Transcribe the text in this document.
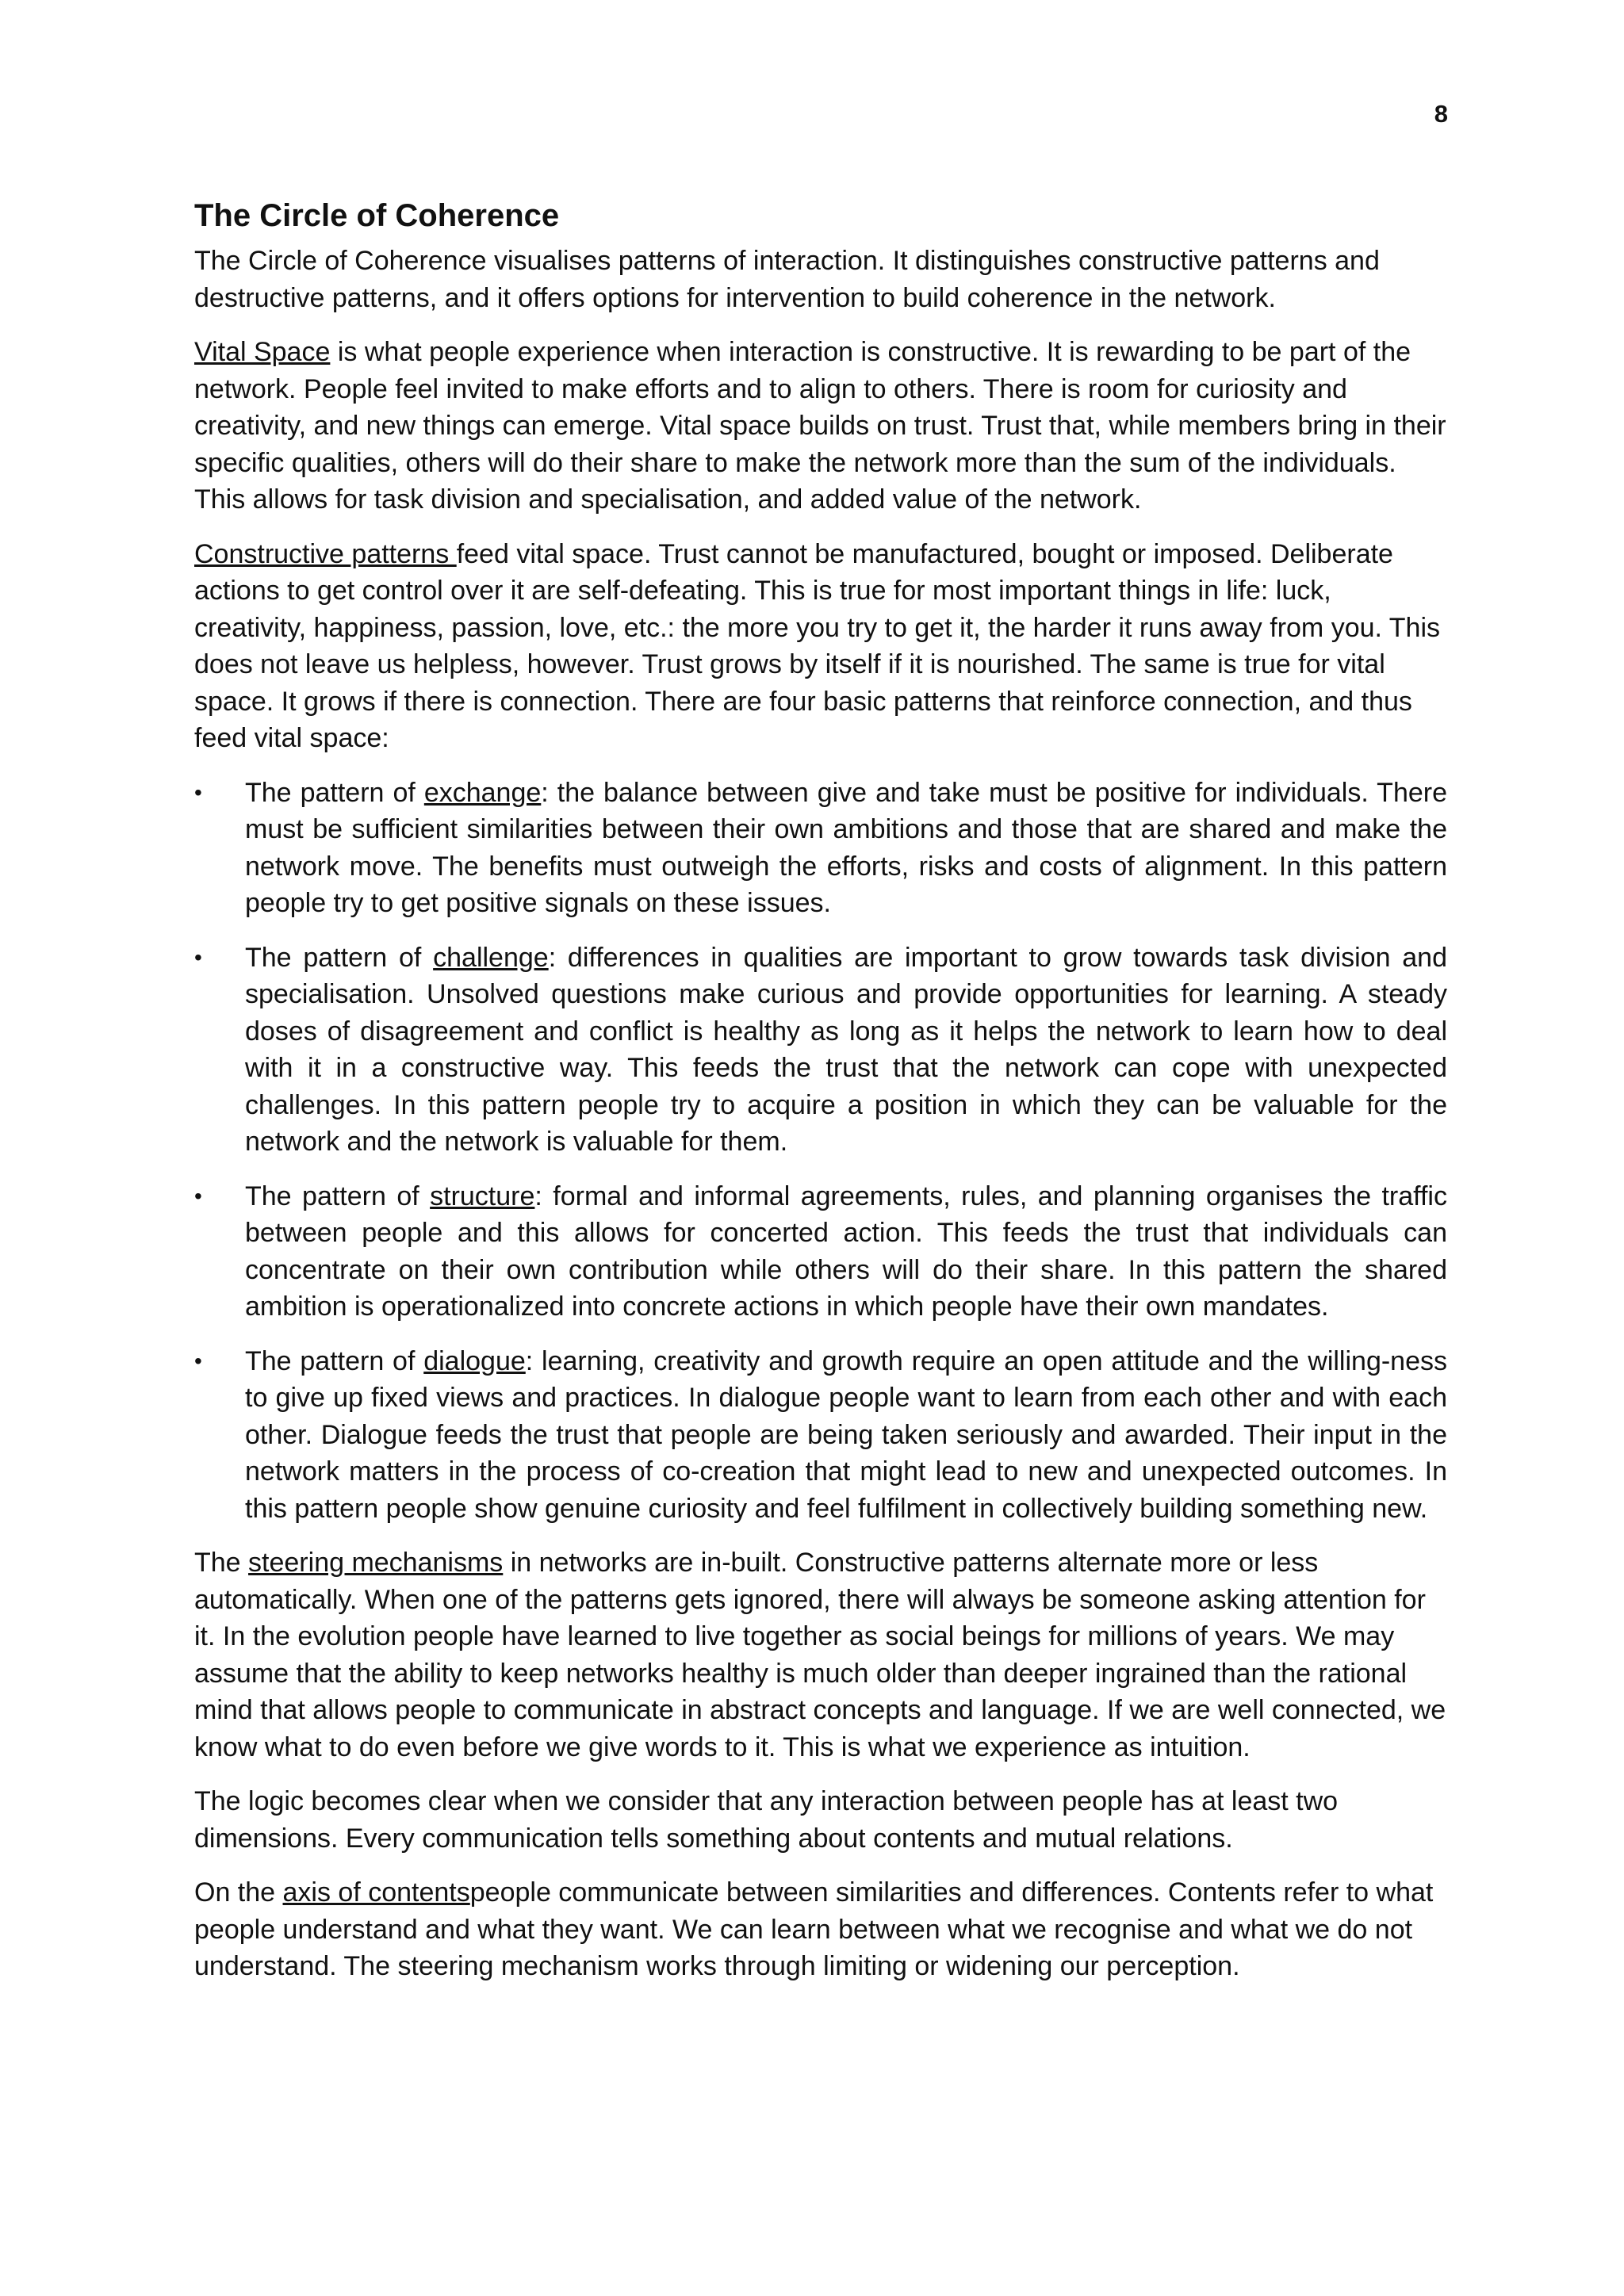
8
The Circle of Coherence

The Circle of Coherence visualises patterns of interaction. It distinguishes constructive patterns and destructive patterns, and it offers options for intervention to build coherence in the network.

Vital Space is what people experience when interaction is constructive. It is rewarding to be part of the network. People feel invited to make efforts and to align to others. There is room for curiosity and creativity, and new things can emerge. Vital space builds on trust. Trust that, while members bring in their specific qualities, others will do their share to make the network more than the sum of the individuals. This allows for task division and specialisation, and added value of the network.

Constructive patterns feed vital space. Trust cannot be manufactured, bought or imposed. Deliberate actions to get control over it are self-defeating. This is true for most important things in life: luck, creativity, happiness, passion, love, etc.: the more you try to get it, the harder it runs away from you. This does not leave us helpless, however. Trust grows by itself if it is nourished. The same is true for vital space. It grows if there is connection. There are four basic patterns that reinforce connection, and thus feed vital space:

• The pattern of exchange: the balance between give and take must be positive for individuals. There must be sufficient similarities between their own ambitions and those that are shared and make the network move. The benefits must outweigh the efforts, risks and costs of alignment. In this pattern people try to get positive signals on these issues.
• The pattern of challenge: differences in qualities are important to grow towards task division and specialisation. Unsolved questions make curious and provide opportunities for learning. A steady doses of disagreement and conflict is healthy as long as it helps the network to learn how to deal with it in a constructive way. This feeds the trust that the network can cope with unexpected challenges. In this pattern people try to acquire a position in which they can be valuable for the network and the network is valuable for them.
• The pattern of structure: formal and informal agreements, rules, and planning organises the traffic between people and this allows for concerted action. This feeds the trust that individuals can concentrate on their own contribution while others will do their share. In this pattern the shared ambition is operationalized into concrete actions in which people have their own mandates.
• The pattern of dialogue: learning, creativity and growth require an open attitude and the willing-ness to give up fixed views and practices. In dialogue people want to learn from each other and with each other. Dialogue feeds the trust that people are being taken seriously and awarded. Their input in the network matters in the process of co-creation that might lead to new and unexpected outcomes. In this pattern people show genuine curiosity and feel fulfilment in collectively building something new.

The steering mechanisms in networks are in-built. Constructive patterns alternate more or less automatically. When one of the patterns gets ignored, there will always be someone asking attention for it. In the evolution people have learned to live together as social beings for millions of years. We may assume that the ability to keep networks healthy is much older than deeper ingrained than the rational mind that allows people to communicate in abstract concepts and language. If we are well connected, we know what to do even before we give words to it. This is what we experience as intuition.

The logic becomes clear when we consider that any interaction between people has at least two dimensions. Every communication tells something about contents and mutual relations.

On the axis of contentspeople communicate between similarities and differences. Contents refer to what people understand and what they want. We can learn between what we recognise and what we do not understand. The steering mechanism works through limiting or widening our perception.
